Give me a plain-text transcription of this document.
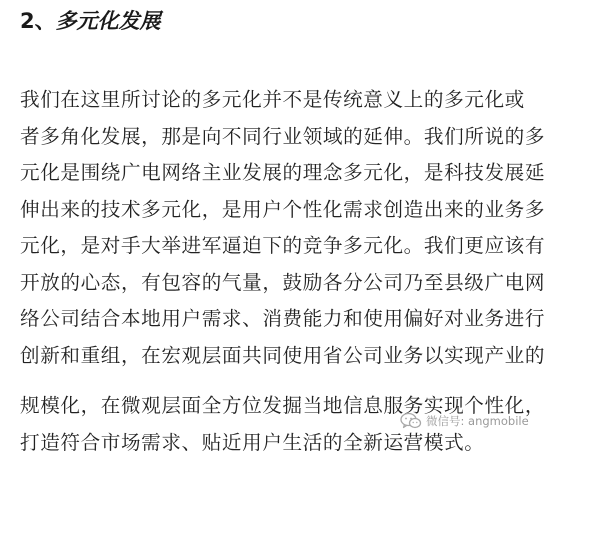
2、多元化发展
我们在这里所讨论的多元化并不是传统意义上的多元化或
者多角化发展，那是向不同行业领域的延伸。我们所说的多
元化是围绕广电网络主业发展的理念多元化，是科技发展延
伸出来的技术多元化，是用户个性化需求创造出来的业务多
元化，是对手大举进军逼迫下的竞争多元化。我们更应该有
开放的心态，有包容的气量，鼓励各分公司乃至县级广电网
络公司结合本地用户需求、消费能力和使用偏好对业务进行
创新和重组，在宏观层面共同使用省公司业务以实现产业的
规模化，在微观层面全方位发掘当地信息服务实现个性化，
打造符合市场需求、贴近用户生活的全新运营模式。
微信号: angmobile
